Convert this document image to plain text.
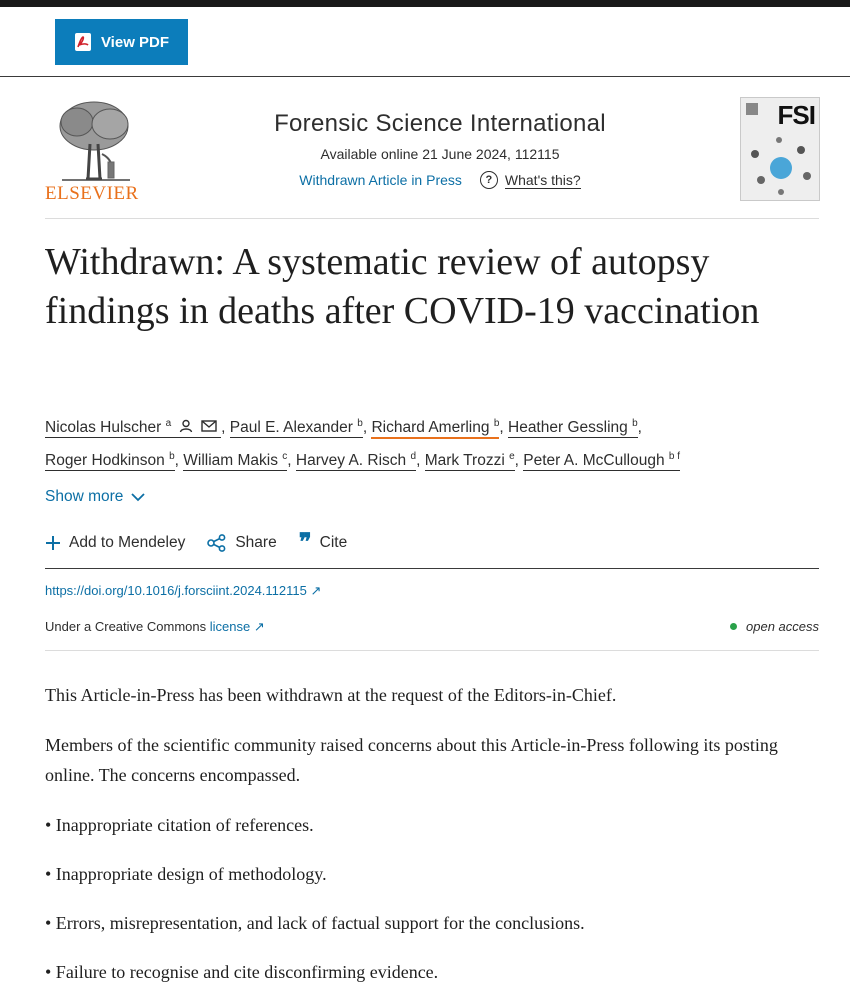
View PDF
ELSEVIER
Forensic Science International
Available online 21 June 2024, 112115
Withdrawn Article in Press	? What's this?
FSI
Withdrawn: A systematic review of autopsy findings in deaths after COVID-19 vaccination
Nicolas Hulscher $^a$	, Paul E. Alexander $^b$, Richard Amerling $^b$, Heather Gessling $^b$,
Roger Hodkinson $^b$, William Makis $^c$, Harvey A. Risch $^d$, Mark Trozzi $^e$, Peter A. McCullough $^{b f}$
Show more
Add to Mendeley	Share ❞ Cite
https://doi.org/10.1016/j.forsciint.2024.112115 ↗
Under a Creative Commons license ↗	open access
This Article-in-Press has been withdrawn at the request of the Editors-in-Chief.
Members of the scientific community raised concerns about this Article-in-Press following its posting online. The concerns encompassed.
• Inappropriate citation of references.
• Inappropriate design of methodology.
• Errors, misrepresentation, and lack of factual support for the conclusions.
• Failure to recognise and cite disconfirming evidence.
